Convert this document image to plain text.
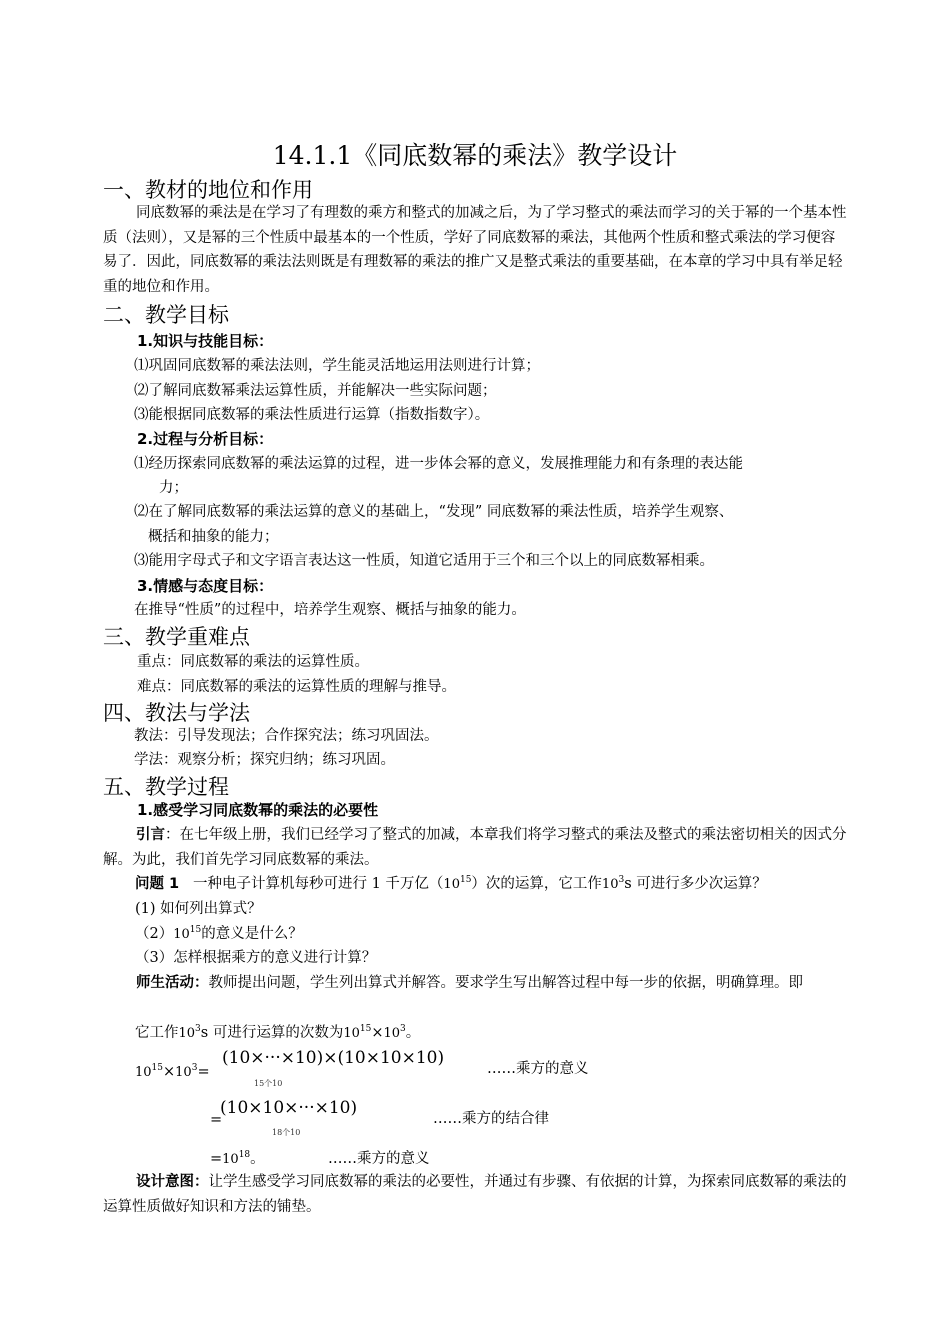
14.1.1《同底数幂的乘法》教学设计
一、教材的地位和作用
同底数幂的乘法是在学习了有理数的乘方和整式的加减之后，为了学习整式的乘法而学习的关于幂的一个基本性质（法则），又是幂的三个性质中最基本的一个性质，学好了同底数幂的乘法，其他两个性质和整式乘法的学习便容易了．因此，同底数幂的乘法法则既是有理数幂的乘法的推广又是整式乘法的重要基础，在本章的学习中具有举足轻重的地位和作用。
二、教学目标
1.知识与技能目标：
⑴巩固同底数幂的乘法法则，学生能灵活地运用法则进行计算；
⑵了解同底数幂乘法运算性质，并能解决一些实际问题；
⑶能根据同底数幂的乘法性质进行运算（指数指数字）。
2.过程与分析目标：
⑴经历探索同底数幂的乘法运算的过程，进一步体会幂的意义，发展推理能力和有条理的表达能
力；
⑵在了解同底数幂的乘法运算的意义的基础上，“发现” 同底数幂的乘法性质，培养学生观察、
概括和抽象的能力；
⑶能用字母式子和文字语言表达这一性质，知道它适用于三个和三个以上的同底数幂相乘。
3.情感与态度目标：
在推导“性质”的过程中，培养学生观察、概括与抽象的能力。
三、教学重难点
重点：同底数幂的乘法的运算性质。
难点：同底数幂的乘法的运算性质的理解与推导。
四、教法与学法
教法：引导发现法；合作探究法；练习巩固法。
学法：观察分析；探究归纳；练习巩固。
五、教学过程
1.感受学习同底数幂的乘法的必要性
引言：在七年级上册，我们已经学习了整式的加减，本章我们将学习整式的乘法及整式的乘法密切相关的因式分解。为此，我们首先学习同底数幂的乘法。
问题 1 一种电子计算机每秒可进行 1 千万亿$(10^{15})$次的运算，它工作$10^3s$ 可进行多少次运算？
(1) 如何列出算式？
$(2)10^{15}$的意义是什么？
（3）怎样根据乘方的意义进行计算？
师生活动：教师提出问题，学生列出算式并解答。要求学生写出解答过程中每一步的依据，明确算理。即
它工作$10^3s$ 可进行运算的次数为$10^{15}\times 10^3$。
$10^{15}\times 10^3=$
(10×···×10)×(10×10×10)
15个10
……乘方的意义
=
(10×10×···×10)
18个10
……乘方的结合律
$=10^{18}$。	……乘方的意义
设计意图：让学生感受学习同底数幂的乘法的必要性，并通过有步骤、有依据的计算，为探索同底数幂的乘法的运算性质做好知识和方法的铺垫。
